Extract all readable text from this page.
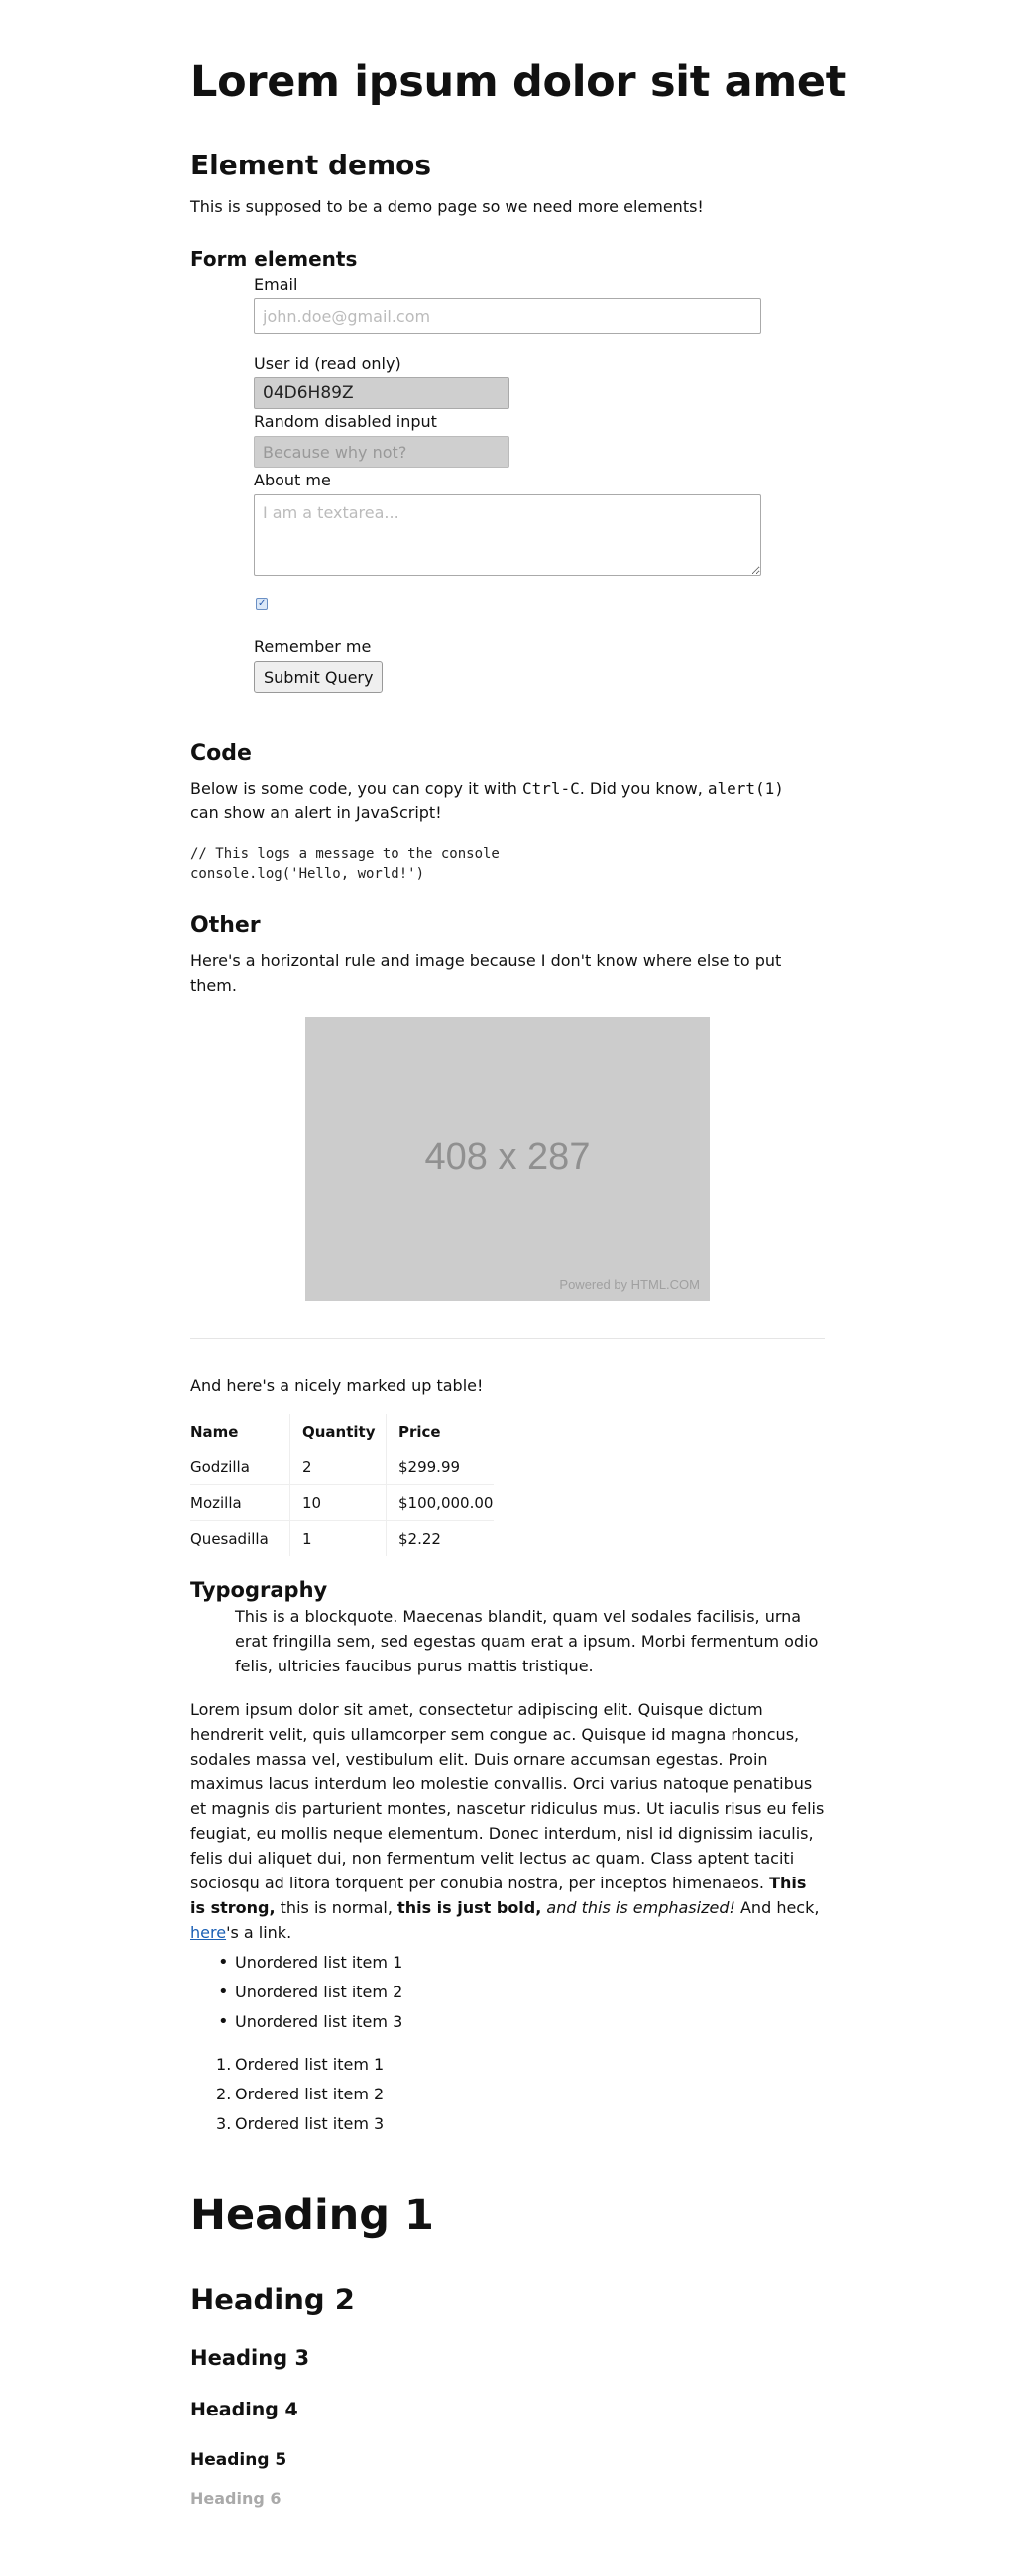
Lorem ipsum dolor sit amet
Element demos

This is supposed to be a demo page so we need more elements!

Form elements
Email
john.doe@gmail.com
User id (read only)
04D6H89Z
Random disabled input
Because why not?
About me
I am a textarea...
✓
Remember me
Submit Query
Code

Below is some code, you can copy it with Ctrl-C. Did you know, alert(1)
can show an alert in JavaScript!

// This logs a message to the console
console.log('Hello, world!')
Other

Here's a horizontal rule and image because I don't know where else to put them.

408 x 287
Powered by HTML.COM

And here's a nicely marked up table!

Name	Quantity	Price
Godzilla	2	$299.99
Mozilla	10	$100,000.00
Quesadilla	1	$2.22
Typography
This is a blockquote. Maecenas blandit, quam vel sodales facilisis, urna erat fringilla sem, sed egestas quam erat a ipsum. Morbi fermentum odio felis, ultricies faucibus purus mattis tristique.

Lorem ipsum dolor sit amet, consectetur adipiscing elit. Quisque dictum hendrerit velit, quis ullamcorper sem congue ac. Quisque id magna rhoncus, sodales massa vel, vestibulum elit. Duis ornare accumsan egestas. Proin maximus lacus interdum leo molestie convallis. Orci varius natoque penatibus et magnis dis parturient montes, nascetur ridiculus mus. Ut iaculis risus eu felis feugiat, eu mollis neque elementum. Donec interdum, nisl id dignissim iaculis, felis dui aliquet dui, non fermentum velit lectus ac quam. Class aptent taciti sociosqu ad litora torquent per conubia nostra, per inceptos himenaeos. This is strong, this is normal, this is just bold, and this is emphasized! And heck, here's a link.

• Unordered list item 1
• Unordered list item 2
• Unordered list item 3
Ordered list item 1
Ordered list item 2
Ordered list item 3
Heading 1
Heading 2
Heading 3
Heading 4
Heading 5
Heading 6
